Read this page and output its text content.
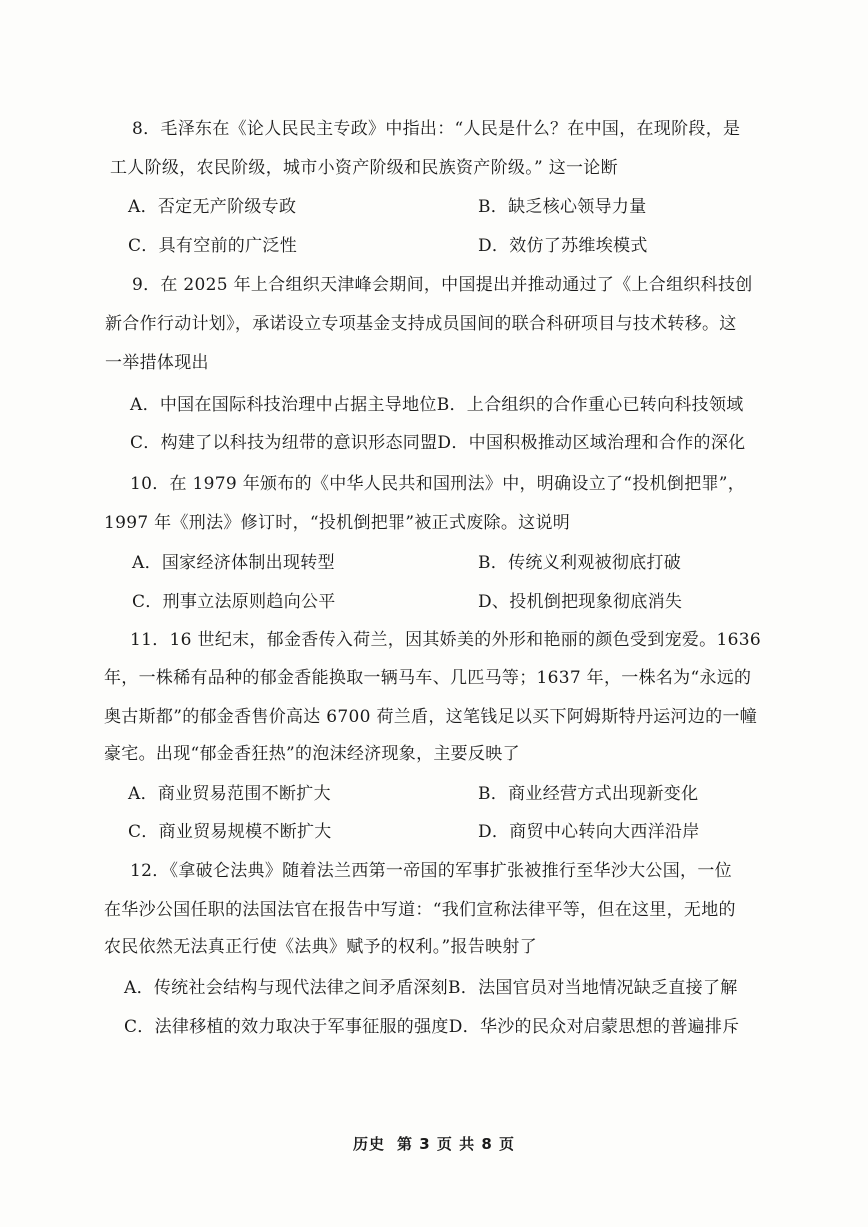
8．毛泽东在《论人民民主专政》中指出：“人民是什么？在中国，在现阶段，是
工人阶级，农民阶级，城市小资产阶级和民族资产阶级。” 这一论断
A．否定无产阶级专政	B．缺乏核心领导力量
C．具有空前的广泛性	D．效仿了苏维埃模式
9．在 2025 年上合组织天津峰会期间，中国提出并推动通过了《上合组织科技创
新合作行动计划》，承诺设立专项基金支持成员国间的联合科研项目与技术转移。这
一举措体现出
A．中国在国际科技治理中占据主导地位B．上合组织的合作重心已转向科技领域
C．构建了以科技为纽带的意识形态同盟D．中国积极推动区域治理和合作的深化
10．在 1979 年颁布的《中华人民共和国刑法》中，明确设立了“投机倒把罪”，
1997 年《刑法》修订时，“投机倒把罪”被正式废除。这说明
A．国家经济体制出现转型	B．传统义利观被彻底打破
C．刑事立法原则趋向公平	D、投机倒把现象彻底消失
11．16 世纪末，郁金香传入荷兰，因其娇美的外形和艳丽的颜色受到宠爱。1636
年，一株稀有品种的郁金香能换取一辆马车、几匹马等；1637 年，一株名为“永远的
奥古斯都”的郁金香售价高达 6700 荷兰盾，这笔钱足以买下阿姆斯特丹运河边的一幢
豪宅。出现“郁金香狂热”的泡沫经济现象，主要反映了
A．商业贸易范围不断扩大	B．商业经营方式出现新变化
C．商业贸易规模不断扩大	D．商贸中心转向大西洋沿岸
12．《拿破仑法典》随着法兰西第一帝国的军事扩张被推行至华沙大公国，一位
在华沙公国任职的法国法官在报告中写道：“我们宣称法律平等，但在这里，无地的
农民依然无法真正行使《法典》赋予的权利。”报告映射了
A．传统社会结构与现代法律之间矛盾深刻B．法国官员对当地情况缺乏直接了解
C．法律移植的效力取决于军事征服的强度D．华沙的民众对启蒙思想的普遍排斥
历史 第 3 页 共 8 页
